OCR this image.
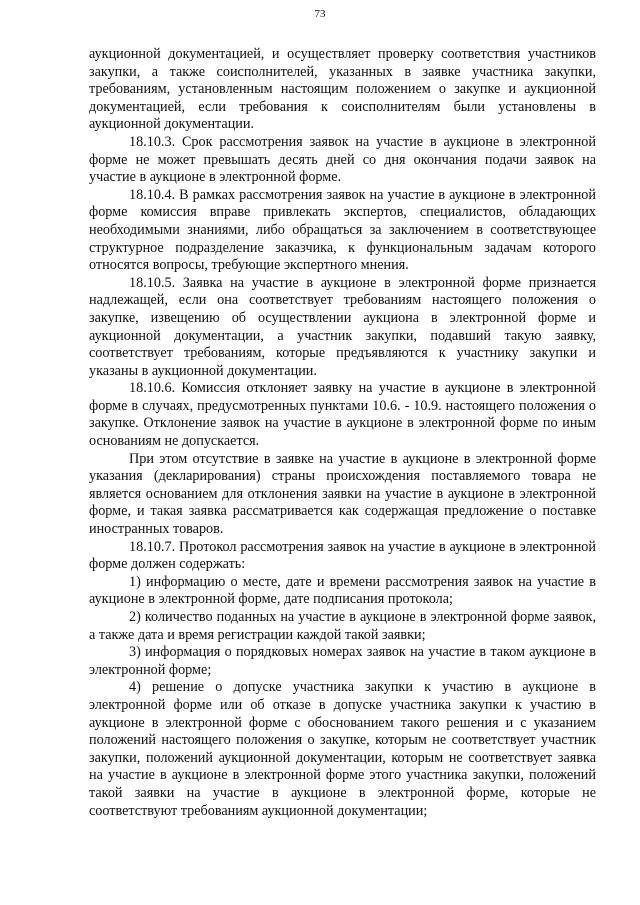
73

аукционной документацией, и осуществляет проверку соответствия участников закупки, а также соисполнителей, указанных в заявке участника закупки, требованиям, установленным настоящим положением о закупке и аукционной документацией, если требования к соисполнителям были установлены в аукционной документации.

18.10.3. Срок рассмотрения заявок на участие в аукционе в электронной форме не может превышать десять дней со дня окончания подачи заявок на участие в аукционе в электронной форме.

18.10.4. В рамках рассмотрения заявок на участие в аукционе в электронной форме комиссия вправе привлекать экспертов, специалистов, обладающих необходимыми знаниями, либо обращаться за заключением в соответствующее структурное подразделение заказчика, к функциональным задачам которого относятся вопросы, требующие экспертного мнения.

18.10.5. Заявка на участие в аукционе в электронной форме признается надлежащей, если она соответствует требованиям настоящего положения о закупке, извещению об осуществлении аукциона в электронной форме и аукционной документации, а участник закупки, подавший такую заявку, соответствует требованиям, которые предъявляются к участнику закупки и указаны в аукционной документации.

18.10.6. Комиссия отклоняет заявку на участие в аукционе в электронной форме в случаях, предусмотренных пунктами 10.6. - 10.9. настоящего положения о закупке. Отклонение заявок на участие в аукционе в электронной форме по иным основаниям не допускается.

При этом отсутствие в заявке на участие в аукционе в электронной форме указания (декларирования) страны происхождения поставляемого товара не является основанием для отклонения заявки на участие в аукционе в электронной форме, и такая заявка рассматривается как содержащая предложение о поставке иностранных товаров.

18.10.7. Протокол рассмотрения заявок на участие в аукционе в электронной форме должен содержать:

1) информацию о месте, дате и времени рассмотрения заявок на участие в аукционе в электронной форме, дате подписания протокола;

2) количество поданных на участие в аукционе в электронной форме заявок, а также дата и время регистрации каждой такой заявки;

3) информация о порядковых номерах заявок на участие в таком аукционе в электронной форме;

4) решение о допуске участника закупки к участию в аукционе в электронной форме или об отказе в допуске участника закупки к участию в аукционе в электронной форме с обоснованием такого решения и с указанием положений настоящего положения о закупке, которым не соответствует участник закупки, положений аукционной документации, которым не соответствует заявка на участие в аукционе в электронной форме этого участника закупки, положений такой заявки на участие в аукционе в электронной форме, которые не соответствуют требованиям аукционной документации;
